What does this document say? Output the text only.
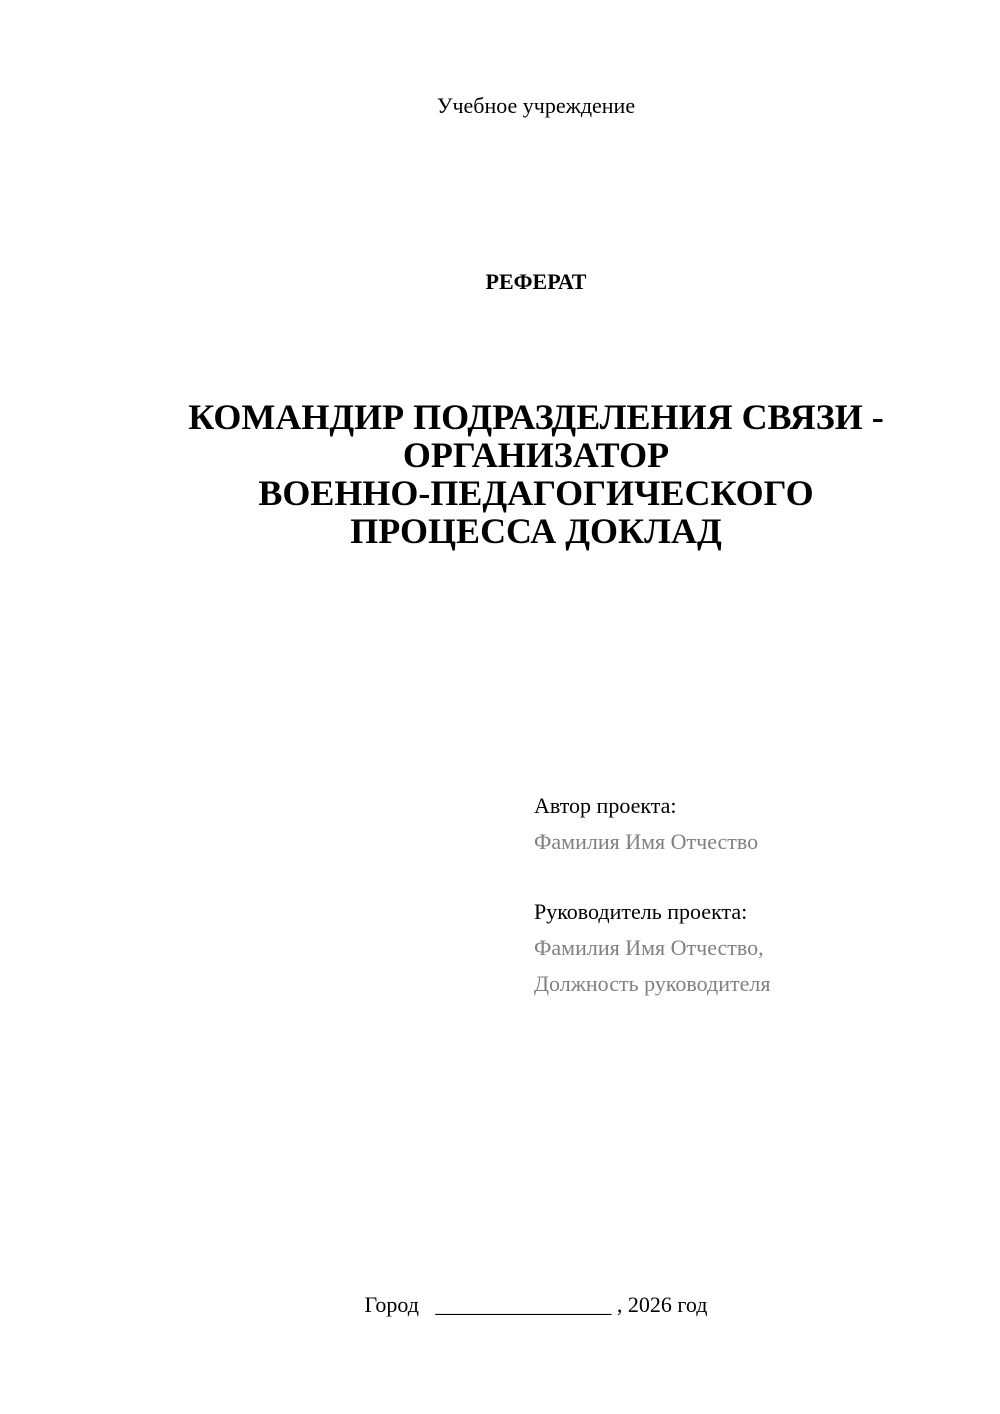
Учебное учреждение
РЕФЕРАТ
КОМАНДИР ПОДРАЗДЕЛЕНИЯ СВЯЗИ -
ОРГАНИЗАТОР
ВОЕННО-ПЕДАГОГИЧЕСКОГО
ПРОЦЕССА ДОКЛАД
Автор проекта:
Фамилия Имя Отчество
Руководитель проекта:
Фамилия Имя Отчество,
Должность руководителя
Город ________________ , 2026 год
